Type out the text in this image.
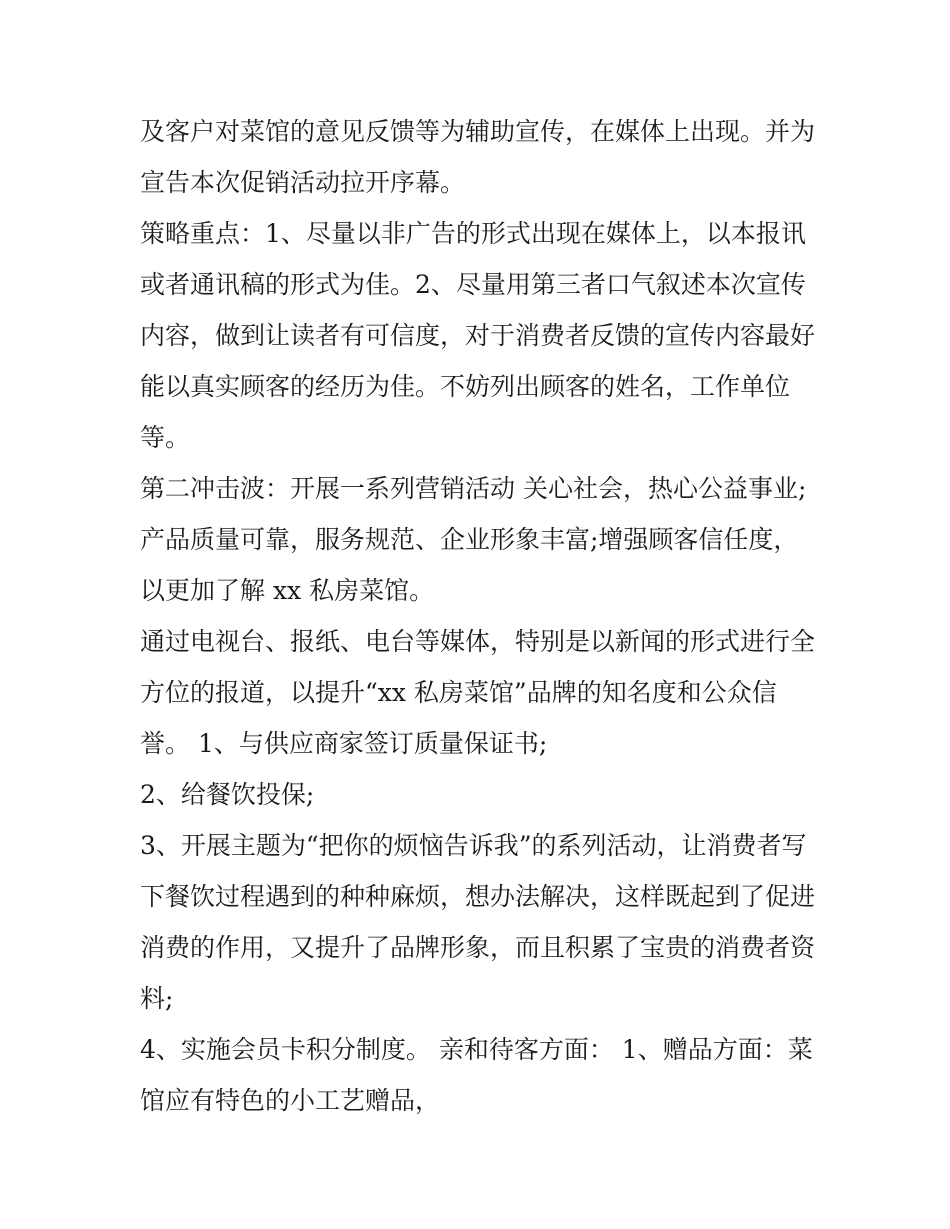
及客户对菜馆的意见反馈等为辅助宣传，在媒体上出现。并为
宣告本次促销活动拉开序幕。
策略重点：1、尽量以非广告的形式出现在媒体上，以本报讯
或者通讯稿的形式为佳。2、尽量用第三者口气叙述本次宣传
内容，做到让读者有可信度，对于消费者反馈的宣传内容最好
能以真实顾客的经历为佳。不妨列出顾客的姓名，工作单位
等。
第二冲击波：开展一系列营销活动 关心社会，热心公益事业;
产品质量可靠，服务规范、企业形象丰富;增强顾客信任度，
以更加了解 xx 私房菜馆。
通过电视台、报纸、电台等媒体，特别是以新闻的形式进行全
方位的报道，以提升“xx 私房菜馆”品牌的知名度和公众信
誉。 1、与供应商家签订质量保证书;
2、给餐饮投保;
3、开展主题为“把你的烦恼告诉我”的系列活动，让消费者写
下餐饮过程遇到的种种麻烦，想办法解决，这样既起到了促进
消费的作用，又提升了品牌形象，而且积累了宝贵的消费者资
料;
4、实施会员卡积分制度。 亲和待客方面： 1、赠品方面：菜
馆应有特色的小工艺赠品，
